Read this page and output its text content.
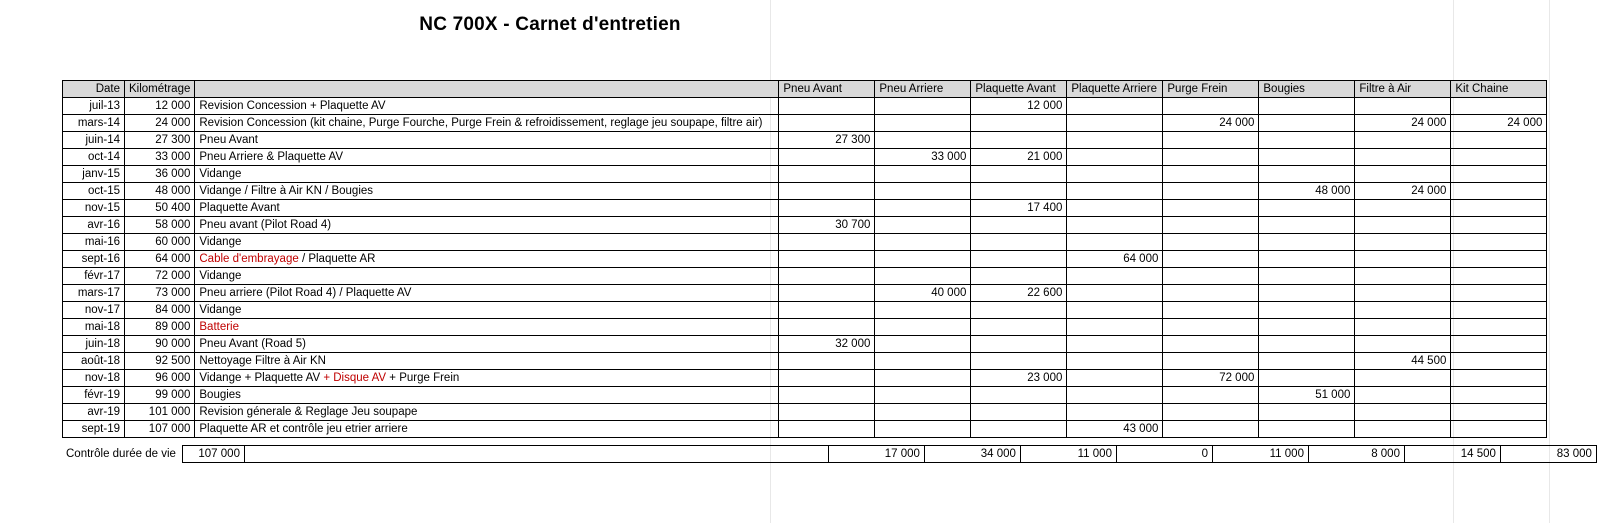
NC 700X - Carnet d'entretien
Date	Kilométrage		Pneu Avant	Pneu Arriere	Plaquette Avant	Plaquette Arriere	Purge Frein	Bougies	Filtre à Air	Kit Chaine
juil-13	12 000	Revision Concession + Plaquette AV			12 000					
mars-14	24 000	Revision Concession (kit chaine, Purge Fourche, Purge Frein & refroidissement, reglage jeu soupape, filtre air)					24 000		24 000	24 000
juin-14	27 300	Pneu Avant	27 300							
oct-14	33 000	Pneu Arriere & Plaquette AV		33 000	21 000					
janv-15	36 000	Vidange								
oct-15	48 000	Vidange / Filtre à Air KN / Bougies						48 000	24 000	
nov-15	50 400	Plaquette Avant			17 400					
avr-16	58 000	Pneu avant (Pilot Road 4)	30 700							
mai-16	60 000	Vidange								
sept-16	64 000	Cable d'embrayage / Plaquette AR				64 000				
févr-17	72 000	Vidange								
mars-17	73 000	Pneu arriere (Pilot Road 4) / Plaquette AV		40 000	22 600					
nov-17	84 000	Vidange								
mai-18	89 000	Batterie								
juin-18	90 000	Pneu Avant (Road 5)	32 000							
août-18	92 500	Nettoyage Filtre à Air KN							44 500	
nov-18	96 000	Vidange + Plaquette AV + Disque AV + Purge Frein			23 000		72 000			
févr-19	99 000	Bougies						51 000		
avr-19	101 000	Revision génerale & Reglage Jeu soupape								
sept-19	107 000	Plaquette AR et contrôle jeu etrier arriere				43 000				
Contrôle durée de vie	107 000		17 000	34 000	11 000	0	11 000	8 000	14 500	83 000
